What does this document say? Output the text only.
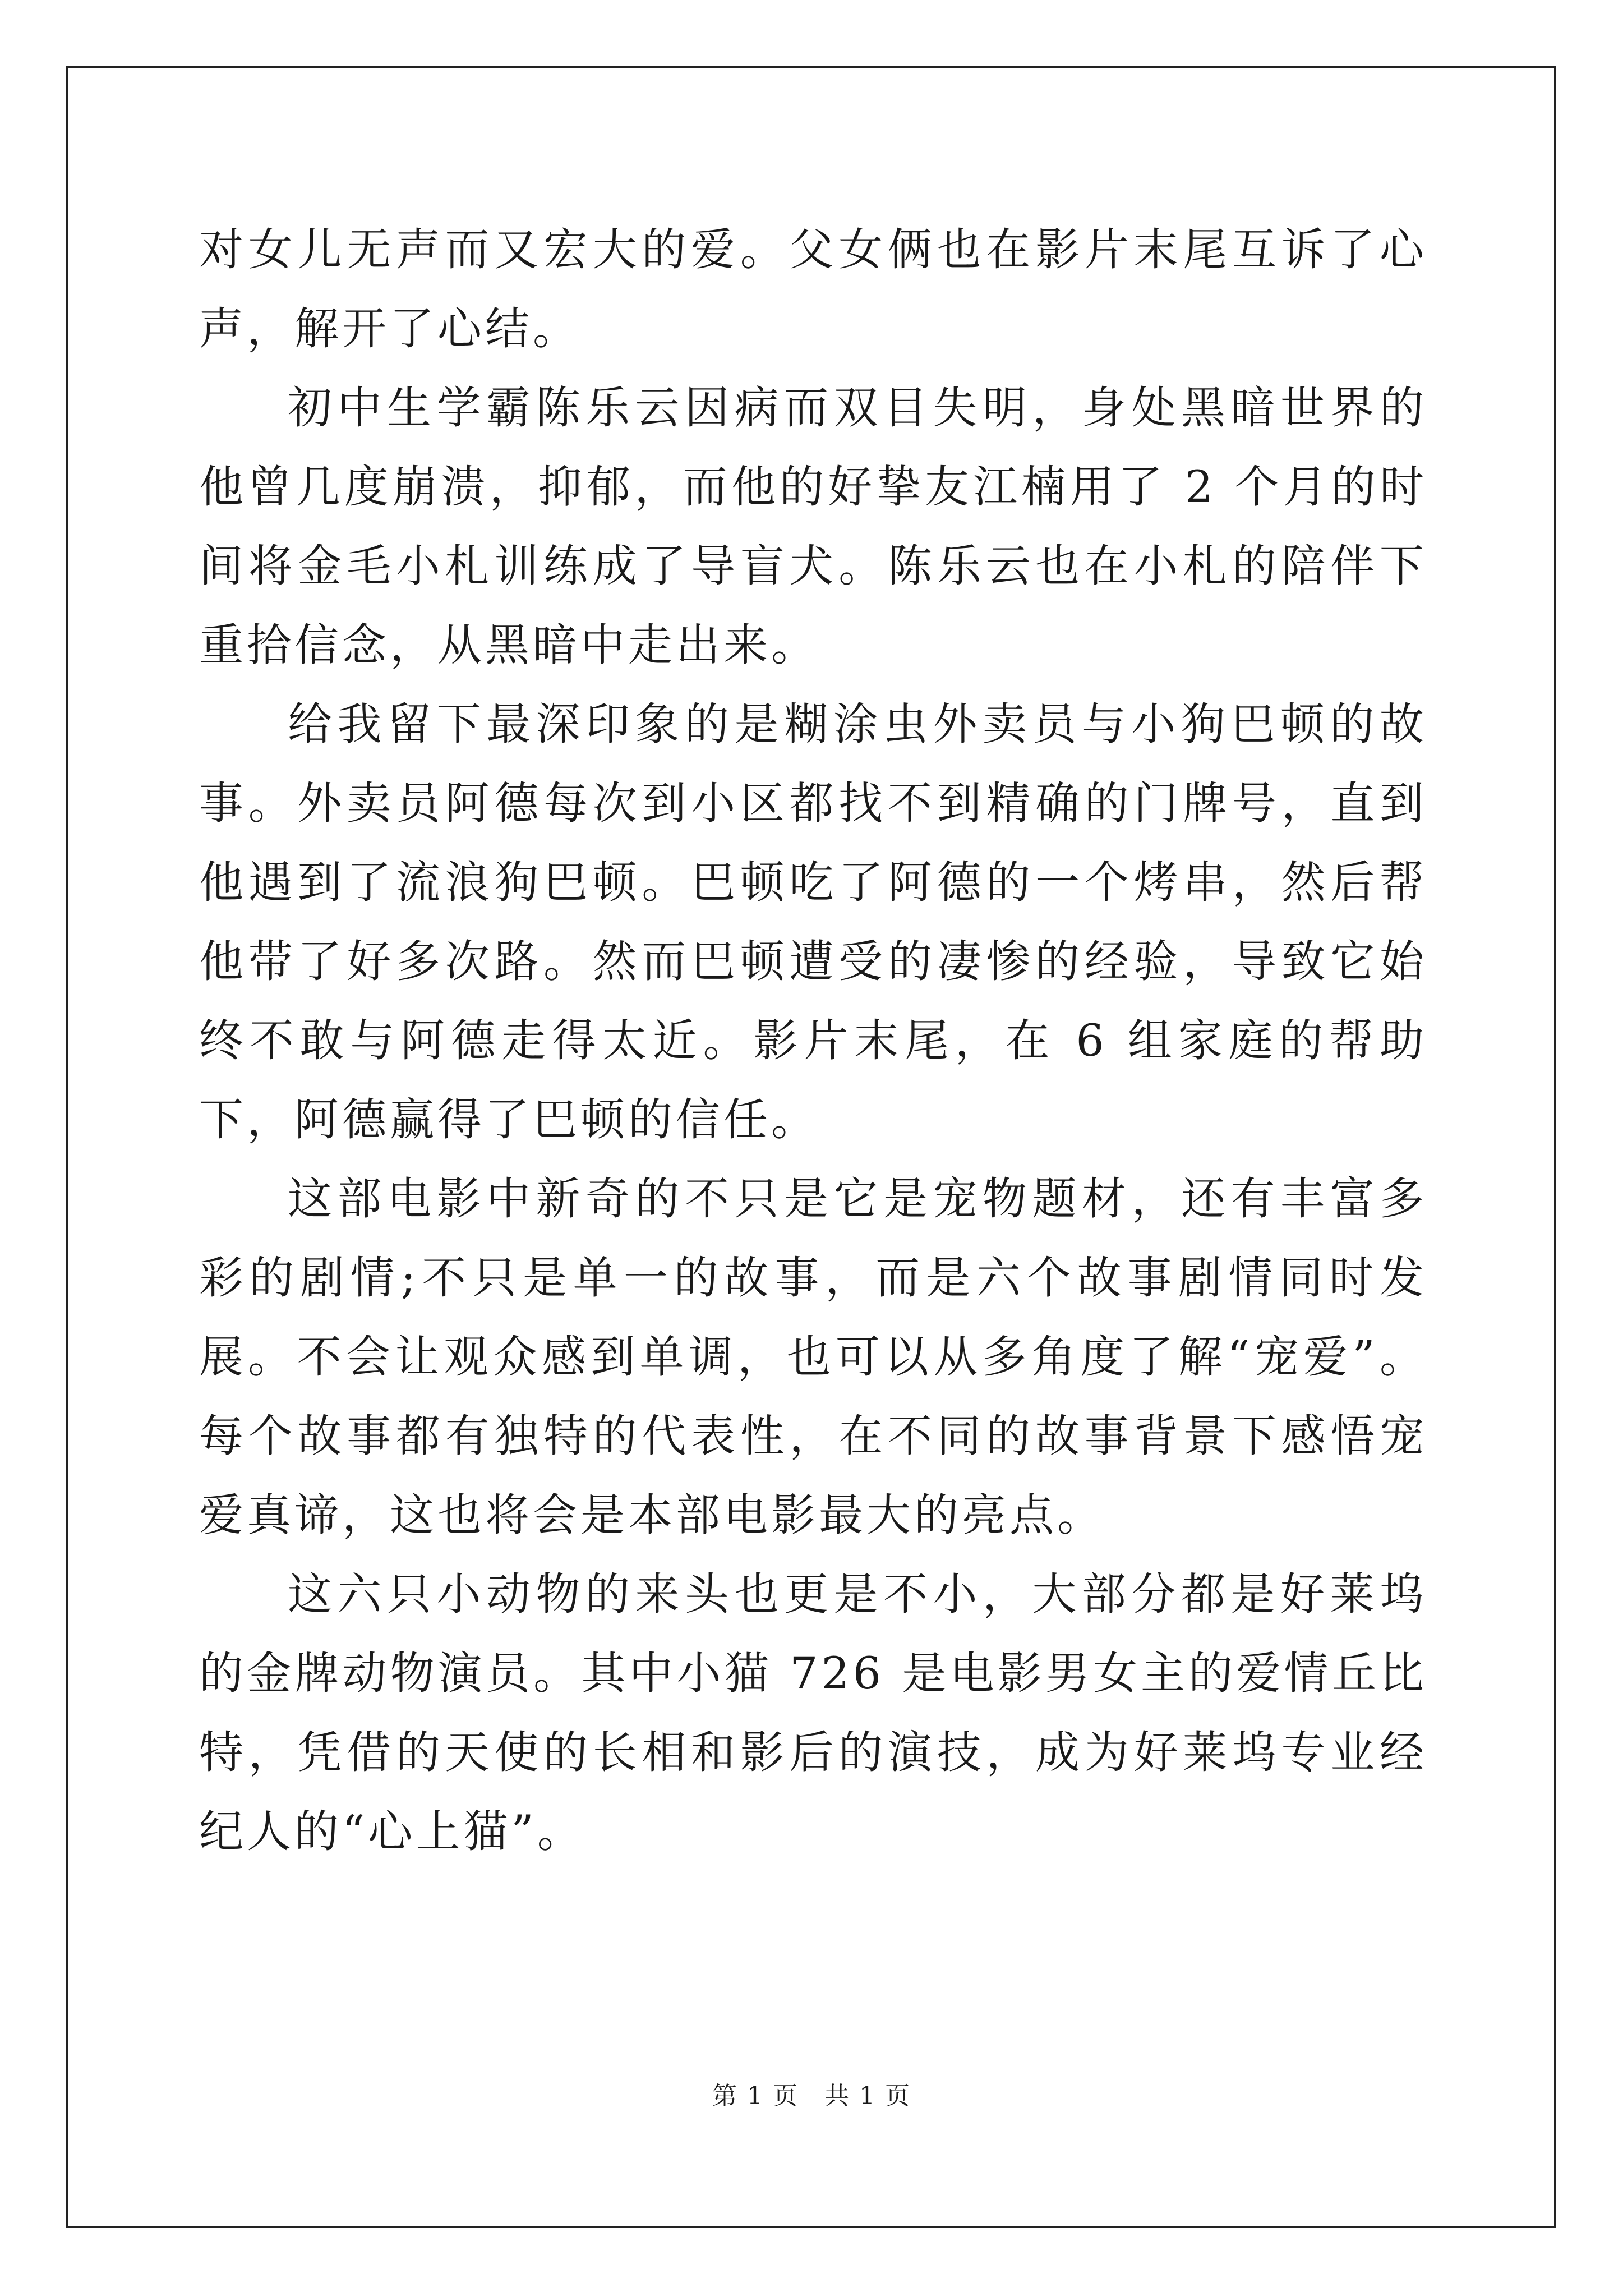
对女儿无声而又宏大的爱。父女俩也在影片末尾互诉了心声，解开了心结。

初中生学霸陈乐云因病而双目失明，身处黑暗世界的他曾几度崩溃，抑郁，而他的好挚友江楠用了 2 个月的时间将金毛小札训练成了导盲犬。陈乐云也在小札的陪伴下重拾信念，从黑暗中走出来。

给我留下最深印象的是糊涂虫外卖员与小狗巴顿的故事。外卖员阿德每次到小区都找不到精确的门牌号，直到他遇到了流浪狗巴顿。巴顿吃了阿德的一个烤串，然后帮他带了好多次路。然而巴顿遭受的凄惨的经验，导致它始终不敢与阿德走得太近。影片末尾，在 6 组家庭的帮助下，阿德赢得了巴顿的信任。

这部电影中新奇的不只是它是宠物题材，还有丰富多彩的剧情;不只是单一的故事，而是六个故事剧情同时发展。不会让观众感到单调，也可以从多角度了解“宠爱”。每个故事都有独特的代表性，在不同的故事背景下感悟宠爱真谛，这也将会是本部电影最大的亮点。

这六只小动物的来头也更是不小，大部分都是好莱坞的金牌动物演员。其中小猫 726 是电影男女主的爱情丘比特，凭借的天使的长相和影后的演技，成为好莱坞专业经纪人的“心上猫”。

第 1 页　共 1 页
